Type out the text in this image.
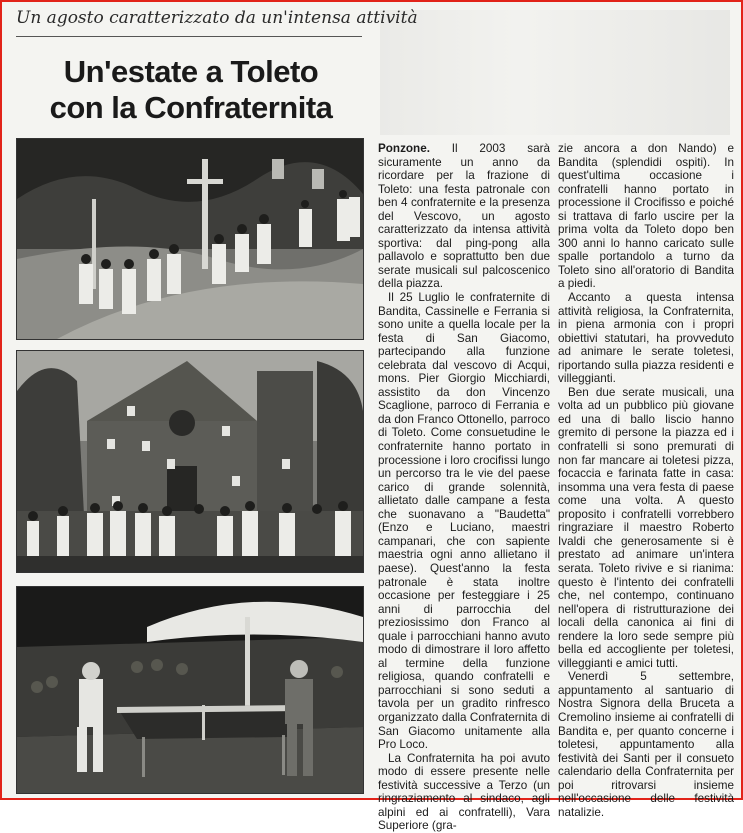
Un agosto caratterizzato da un'intensa attività
Un'estate a Toleto
con la Confraternita

Ponzone. Il 2003 sarà sicuramente un anno da ricordare per la frazione di Toleto: una festa patronale con ben 4 confraternite e la presenza del Vescovo, un agosto caratterizzato da intensa attività sportiva: dal ping-pong alla pallavolo e soprattutto ben due serate musicali sul palcoscenico della piazza.

Il 25 Luglio le confraternite di Bandita, Cassinelle e Ferrania si sono unite a quella locale per la festa di San Giacomo, partecipando alla funzione celebrata dal vescovo di Acqui, mons. Pier Giorgio Micchiardi, assistito da don Vincenzo Scaglione, parroco di Ferrania e da don Franco Ottonello, parroco di Toleto. Come consuetudine le confraternite hanno portato in processione i loro crocifissi lungo un percorso tra le vie del paese carico di grande solennità, allietato dalle campane a festa che suonavano a "Baudetta" (Enzo e Luciano, maestri campanari, che con sapiente maestria ogni anno allietano il paese). Quest'anno la festa patronale è stata inoltre occasione per festeggiare i 25 anni di parrocchia del preziosissimo don Franco al quale i parrocchiani hanno avuto modo di dimostrare il loro affetto al termine della funzione religiosa, quando confratelli e parrocchiani si sono seduti a tavola per un gradito rinfresco organizzato dalla Confraternita di San Giacomo unitamente alla Pro Loco.

La Confraternita ha poi avuto modo di essere presente nelle festività successive a Terzo (un ringraziamento al sindaco, agli alpini ed ai confratelli), Vara Superiore (gra-

zie ancora a don Nando) e Bandita (splendidi ospiti). In quest'ultima occasione i confratelli hanno portato in processione il Crocifisso e poiché si trattava di farlo uscire per la prima volta da Toleto dopo ben 300 anni lo hanno caricato sulle spalle portandolo a turno da Toleto sino all'oratorio di Bandita a piedi.

Accanto a questa intensa attività religiosa, la Confraternita, in piena armonia con i propri obiettivi statutari, ha provveduto ad animare le serate toletesi, riportando sulla piazza residenti e villeggianti.

Ben due serate musicali, una volta ad un pubblico più giovane ed una di ballo liscio hanno gremito di persone la piazza ed i confratelli si sono premurati di non far mancare ai toletesi pizza, focaccia e farinata fatte in casa: insomma una vera festa di paese come una volta. A questo proposito i confratelli vorrebbero ringraziare il maestro Roberto Ivaldi che generosamente si è prestato ad animare un'intera serata. Toleto rivive e si rianima: questo è l'intento dei confratelli che, nel contempo, continuano nell'opera di ristrutturazione dei locali della canonica ai fini di rendere la loro sede sempre più bella ed accogliente per toletesi, villeggianti e amici tutti.

Venerdì 5 settembre, appuntamento al santuario di Nostra Signora della Bruceta a Cremolino insieme ai confratelli di Bandita e, per quanto concerne i toletesi, appuntamento alla festività dei Santi per il consueto calendario della Confraternita per poi ritrovarsi insieme nell'occasione delle festività natalizie.
